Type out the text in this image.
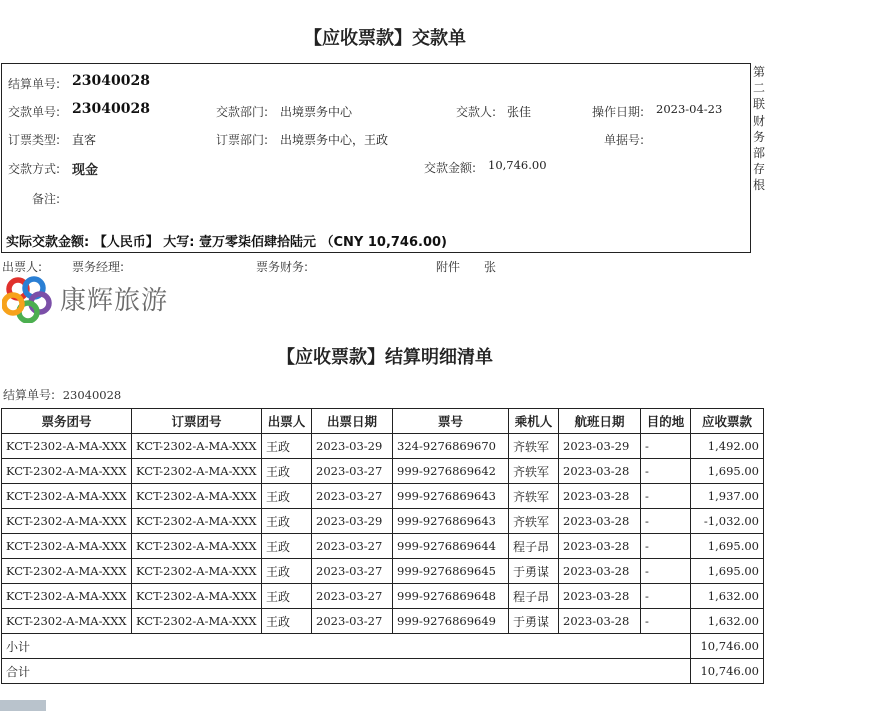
【应收票款】交款单
结算单号: 23040028
交款单号: 23040028	交款部门: 出境票务中心	交款人: 张佳	操作日期: 2023-04-23
订票类型: 直客	订票部门: 出境票务中心，王政	单据号:
交款方式: 现金	交款金额: 10,746.00
备注:
实际交款金额: 【人民币】 大写: 壹万零柒佰肆拾陆元 （CNY 10,746.00)
第二联财务部存根
出票人: 票务经理:	票务财务:	附件 张
康辉旅游
【应收票款】结算明细清单
结算单号: 23040028
票务团号	订票团号	出票人	出票日期	票号	乘机人	航班日期	目的地	应收票款
KCT-2302-A-MA-XXX	KCT-2302-A-MA-XXX	王政	2023-03-29	324-9276869670	齐轶军	2023-03-29	-	1,492.00
KCT-2302-A-MA-XXX	KCT-2302-A-MA-XXX	王政	2023-03-27	999-9276869642	齐轶军	2023-03-28	-	1,695.00
KCT-2302-A-MA-XXX	KCT-2302-A-MA-XXX	王政	2023-03-27	999-9276869643	齐轶军	2023-03-28	-	1,937.00
KCT-2302-A-MA-XXX	KCT-2302-A-MA-XXX	王政	2023-03-29	999-9276869643	齐轶军	2023-03-28	-	-1,032.00
KCT-2302-A-MA-XXX	KCT-2302-A-MA-XXX	王政	2023-03-27	999-9276869644	程子昂	2023-03-28	-	1,695.00
KCT-2302-A-MA-XXX	KCT-2302-A-MA-XXX	王政	2023-03-27	999-9276869645	于勇谋	2023-03-28	-	1,695.00
KCT-2302-A-MA-XXX	KCT-2302-A-MA-XXX	王政	2023-03-27	999-9276869648	程子昂	2023-03-28	-	1,632.00
KCT-2302-A-MA-XXX	KCT-2302-A-MA-XXX	王政	2023-03-27	999-9276869649	于勇谋	2023-03-28	-	1,632.00
小计								10,746.00
合计								10,746.00
